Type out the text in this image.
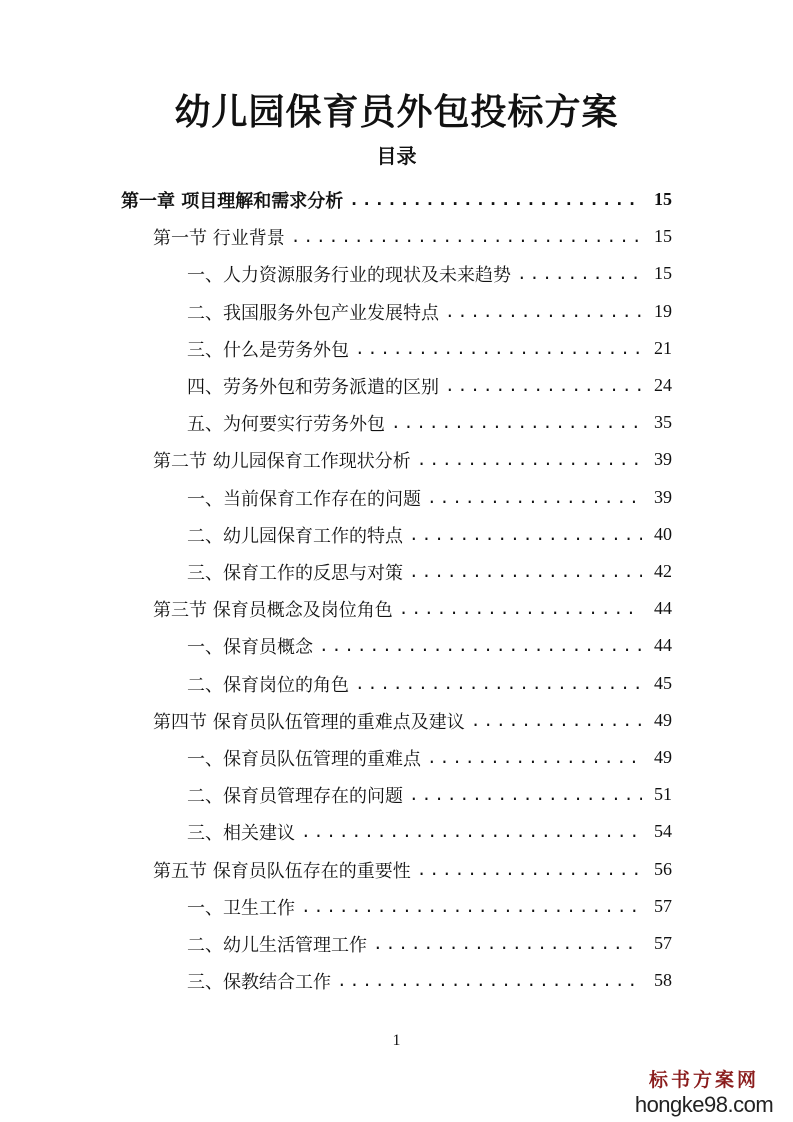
幼儿园保育员外包投标方案
目录
第一章 项目理解和需求分析 .....	15
第一节 行业背景 .....	15
一、人力资源服务行业的现状及未来趋势 .....	15
二、我国服务外包产业发展特点 .....	19
三、什么是劳务外包 .....	21
四、劳务外包和劳务派遣的区别 .....	24
五、为何要实行劳务外包 .....	35
第二节 幼儿园保育工作现状分析 .....	39
一、当前保育工作存在的问题 .....	39
二、幼儿园保育工作的特点 .....	40
三、保育工作的反思与对策 .....	42
第三节 保育员概念及岗位角色 .....	44
一、保育员概念 .....	44
二、保育岗位的角色 .....	45
第四节 保育员队伍管理的重难点及建议 .....	49
一、保育员队伍管理的重难点 .....	49
二、保育员管理存在的问题 .....	51
三、相关建议 .....	54
第五节 保育员队伍存在的重要性 .....	56
一、卫生工作 .....	57
二、幼儿生活管理工作 .....	57
三、保教结合工作 .....	58
1
标书方案网
hongke98.com
